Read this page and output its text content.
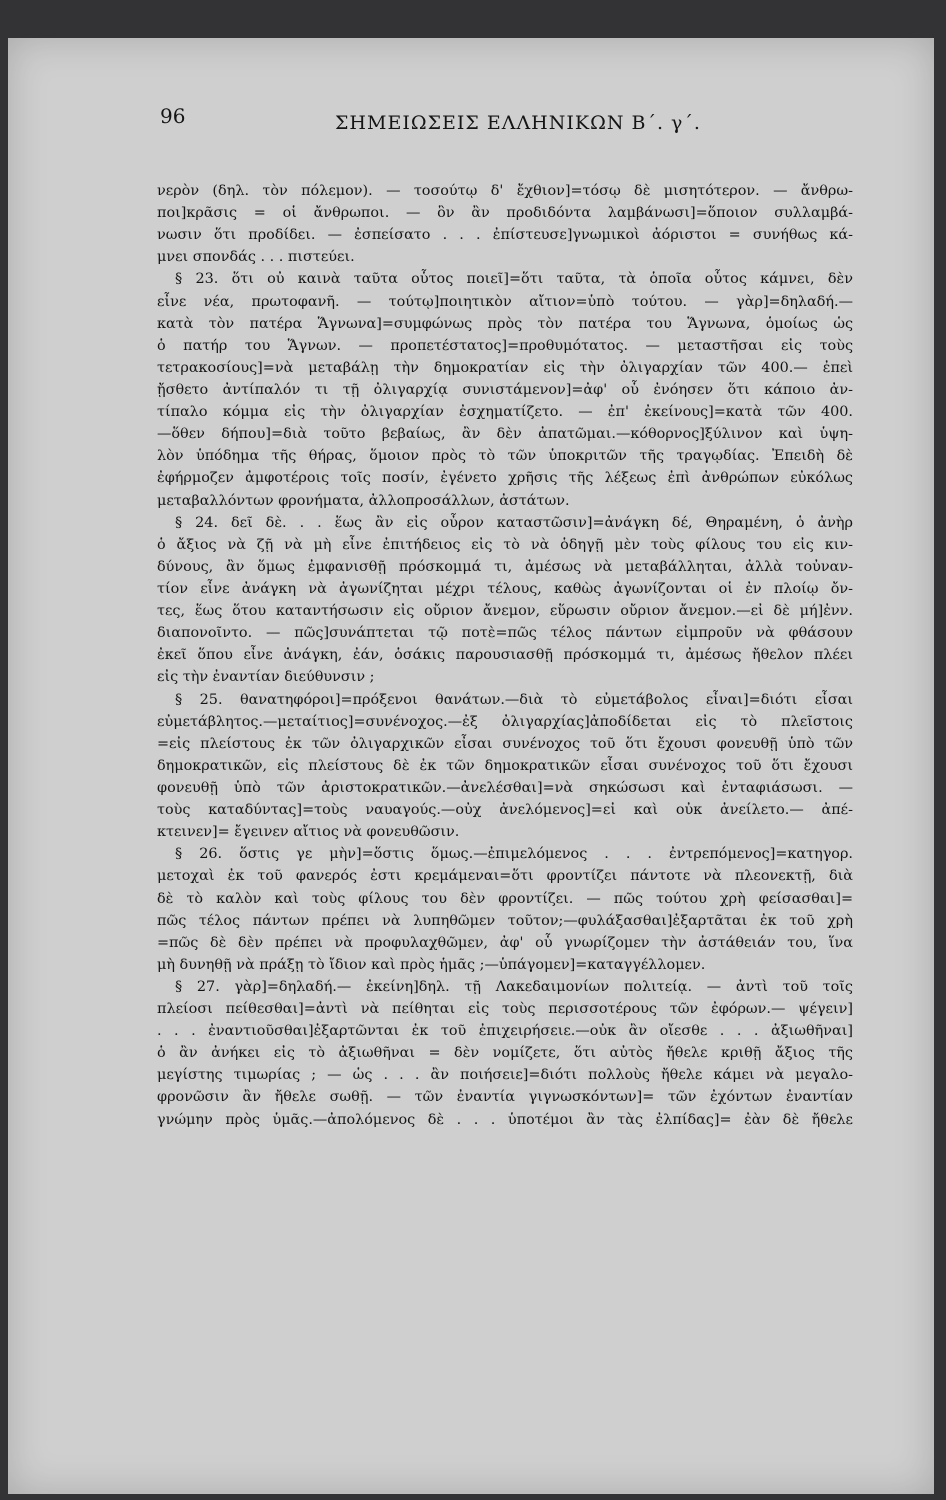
96	ΣΗΜΕΙΩΣΕΙΣ ΕΛΛΗΝΙΚΩΝ Β΄. γ΄.
νερὸν (δηλ. τὸν πόλεμον). — τοσούτῳ δ' ἔχθιον]=τόσῳ δὲ μισητότερον. — ἄνθρω-
ποι]κρᾶσις = οἱ ἄνθρωποι. — ὃν ἂν προδιδόντα λαμβάνωσι]=ὅποιον συλλαμβά-
νωσιν ὅτι προδίδει. — ἐσπείσατο . . . ἐπίστευσε]γνωμικοὶ ἀόριστοι = συνήθως κά-
μνει σπονδάς . . . πιστεύει.
§ 23. ὅτι οὐ καινὰ ταῦτα οὗτος ποιεῖ]=ὅτι ταῦτα, τὰ ὁποῖα οὗτος κάμνει, δὲν
εἶνε νέα, πρωτοφανῆ. — τούτῳ]ποιητικὸν αἴτιον=ὑπὸ τούτου. — γὰρ]=δηλαδή.—
κατὰ τὸν πατέρα Ἅγνωνα]=συμφώνως πρὸς τὸν πατέρα του Ἅγνωνα, ὁμοίως ὡς
ὁ πατήρ του Ἅγνων. — προπετέστατος]=προθυμότατος. — μεταστῆσαι εἰς τοὺς
τετρακοσίους]=νὰ μεταβάλῃ τὴν δημοκρατίαν εἰς τὴν ὀλιγαρχίαν τῶν 400.— ἐπεὶ
ᾔσθετο ἀντίπαλόν τι τῇ ὀλιγαρχίᾳ συνιστάμενον]=ἀφ' οὗ ἐνόησεν ὅτι κάποιο ἀν-
τίπαλο κόμμα εἰς τὴν ὀλιγαρχίαν ἐσχηματίζετο. — ἐπ' ἐκείνους]=κατὰ τῶν 400.
—ὅθεν δήπου]=διὰ τοῦτο βεβαίως, ἂν δὲν ἀπατῶμαι.—κόθορνος]ξύλινον καὶ ὑψη-
λὸν ὑπόδημα τῆς θήρας, ὅμοιον πρὸς τὸ τῶν ὑποκριτῶν τῆς τραγῳδίας. Ἐπειδὴ δὲ
ἐφήρμοζεν ἀμφοτέροις τοῖς ποσίν, ἐγένετο χρῆσις τῆς λέξεως ἐπὶ ἀνθρώπων εὐκόλως
μεταβαλλόντων φρονήματα, ἀλλοπροσάλλων, ἀστάτων.
§ 24. δεῖ δὲ. . . ἕως ἂν εἰς οὖρον καταστῶσιν]=ἀνάγκη δέ, Θηραμένη, ὁ ἀνὴρ
ὁ ἄξιος νὰ ζῇ νὰ μὴ εἶνε ἐπιτήδειος εἰς τὸ νὰ ὁδηγῇ μὲν τοὺς φίλους του εἰς κιν-
δύνους, ἂν ὅμως ἐμφανισθῇ πρόσκομμά τι, ἀμέσως νὰ μεταβάλληται, ἀλλὰ τοὐναν-
τίον εἶνε ἀνάγκη νὰ ἀγωνίζηται μέχρι τέλους, καθὼς ἀγωνίζονται οἱ ἐν πλοίῳ ὄν-
τες, ἕως ὅτου καταντήσωσιν εἰς οὔριον ἄνεμον, εὕρωσιν οὔριον ἄνεμον.—εἰ δὲ μή]ἐνν.
διαπονοῖντο. — πῶς]συνάπτεται τῷ ποτὲ=πῶς τέλος πάντων εἰμπροῦν νὰ φθάσουν
ἐκεῖ ὅπου εἶνε ἀνάγκη, ἐάν, ὁσάκις παρουσιασθῇ πρόσκομμά τι, ἀμέσως ἤθελον πλέει
εἰς τὴν ἐναντίαν διεύθυνσιν ;
§ 25. θανατηφόροι]=πρόξενοι θανάτων.—διὰ τὸ εὐμετάβολος εἶναι]=διότι εἶσαι
εὐμετάβλητος.—μεταίτιος]=συνένοχος.—ἐξ ὀλιγαρχίας]ἀποδίδεται εἰς τὸ πλεῖστοις
=εἰς πλείστους ἐκ τῶν ὀλιγαρχικῶν εἶσαι συνένοχος τοῦ ὅτι ἔχουσι φονευθῇ ὑπὸ τῶν
δημοκρατικῶν, εἰς πλείστους δὲ ἐκ τῶν δημοκρατικῶν εἶσαι συνένοχος τοῦ ὅτι ἔχουσι
φονευθῇ ὑπὸ τῶν ἀριστοκρατικῶν.—ἀνελέσθαι]=νὰ σηκώσωσι καὶ ἐνταφιάσωσι. —
τοὺς καταδύντας]=τοὺς ναυαγούς.—οὐχ ἀνελόμενος]=εἰ καὶ οὐκ ἀνείλετο.— ἀπέ-
κτεινεν]= ἔγεινεν αἴτιος νὰ φονευθῶσιν.
§ 26. ὅστις γε μὴν]=ὅστις ὅμως.—ἐπιμελόμενος . . . ἐντρεπόμενος]=κατηγορ.
μετοχαὶ ἐκ τοῦ φανερός ἐστι κρεμάμεναι=ὅτι φροντίζει πάντοτε νὰ πλεονεκτῇ, διὰ
δὲ τὸ καλὸν καὶ τοὺς φίλους του δὲν φροντίζει. — πῶς τούτου χρὴ φείσασθαι]=
πῶς τέλος πάντων πρέπει νὰ λυπηθῶμεν τοῦτον;—φυλάξασθαι]ἐξαρτᾶται ἐκ τοῦ χρὴ
=πῶς δὲ δὲν πρέπει νὰ προφυλαχθῶμεν, ἀφ' οὗ γνωρίζομεν τὴν ἀστάθειάν του, ἵνα
μὴ δυνηθῇ νὰ πράξῃ τὸ ἴδιον καὶ πρὸς ἡμᾶς ;—ὑπάγομεν]=καταγγέλλομεν.
§ 27. γὰρ]=δηλαδή.— ἐκείνη]δηλ. τῇ Λακεδαιμονίων πολιτείᾳ. — ἀντὶ τοῦ τοῖς
πλείοσι πείθεσθαι]=ἀντὶ νὰ πείθηται εἰς τοὺς περισσοτέρους τῶν ἐφόρων.— ψέγειν]
. . . ἐναντιοῦσθαι]ἐξαρτῶνται ἐκ τοῦ ἐπιχειρήσειε.—οὐκ ἂν οἴεσθε . . . ἀξιωθῆναι]
ὁ ἂν ἀνήκει εἰς τὸ ἀξιωθῆναι = δὲν νομίζετε, ὅτι αὐτὸς ἤθελε κριθῇ ἄξιος τῆς
μεγίστης τιμωρίας ; — ὡς . . . ἂν ποιήσειε]=διότι πολλοὺς ἤθελε κάμει νὰ μεγαλο-
φρονῶσιν ἂν ἤθελε σωθῇ. — τῶν ἐναντία γιγνωσκόντων]= τῶν ἐχόντων ἐναντίαν
γνώμην πρὸς ὑμᾶς.—ἀπολόμενος δὲ . . . ὑποτέμοι ἂν τὰς ἐλπίδας]= ἐὰν δὲ ἤθελε
